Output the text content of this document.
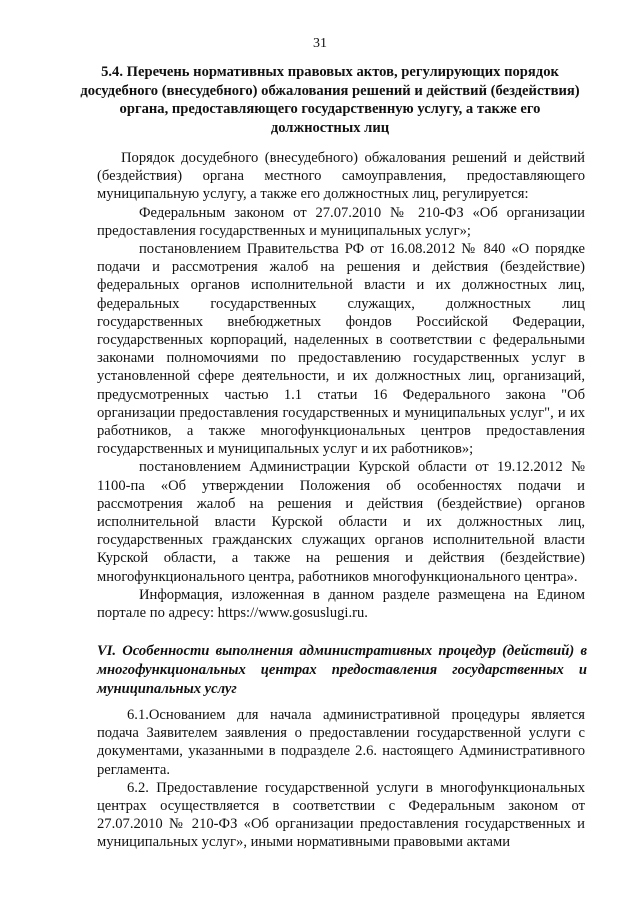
31
5.4. Перечень нормативных правовых актов, регулирующих порядок досудебного (внесудебного) обжалования решений и действий (бездействия) органа, предоставляющего государственную услугу, а также его должностных лиц

Порядок досудебного (внесудебного) обжалования решений и действий (бездействия) органа местного самоуправления, предоставляющего муниципальную услугу, а также его должностных лиц, регулируется:

Федеральным законом от 27.07.2010 № 210-ФЗ «Об организации предоставления государственных и муниципальных услуг»;

постановлением Правительства РФ от 16.08.2012 № 840 «О порядке подачи и рассмотрения жалоб на решения и действия (бездействие) федеральных органов исполнительной власти и их должностных лиц, федеральных государственных служащих, должностных лиц государственных внебюджетных фондов Российской Федерации, государственных корпораций, наделенных в соответствии с федеральными законами полномочиями по предоставлению государственных услуг в установленной сфере деятельности, и их должностных лиц, организаций, предусмотренных частью 1.1 статьи 16 Федерального закона "Об организации предоставления государственных и муниципальных услуг", и их работников, а также многофункциональных центров предоставления государственных и муниципальных услуг и их работников»;

постановлением Администрации Курской области от 19.12.2012 № 1100-па «Об утверждении Положения об особенностях подачи и рассмотрения жалоб на решения и действия (бездействие) органов исполнительной власти Курской области и их должностных лиц, государственных гражданских служащих органов исполнительной власти Курской области, а также на решения и действия (бездействие) многофункционального центра, работников многофункционального центра».

Информация, изложенная в данном разделе размещена на Едином портале по адресу: https://www.gosuslugi.ru.

VI. Особенности выполнения административных процедур (действий) в многофункциональных центрах предоставления государственных и муниципальных услуг

6.1.Основанием для начала административной процедуры является подача Заявителем заявления о предоставлении государственной услуги с документами, указанными в подразделе 2.6. настоящего Административного регламента.

6.2. Предоставление государственной услуги в многофункциональных центрах осуществляется в соответствии с Федеральным законом от 27.07.2010 № 210-ФЗ «Об организации предоставления государственных и муниципальных услуг», иными нормативными правовыми актами
